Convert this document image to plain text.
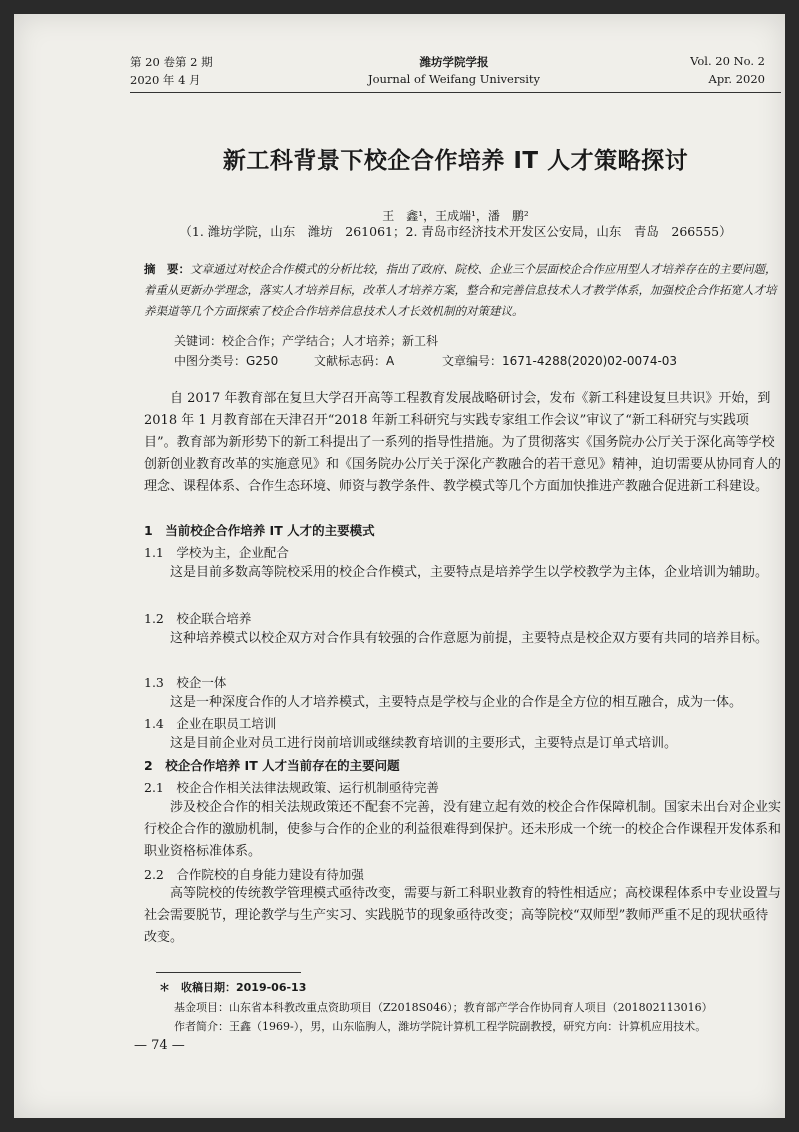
第 20 卷第 2 期
2020 年 4 月
潍坊学院学报
Journal of Weifang University
Vol. 20 No. 2
Apr. 2020
新工科背景下校企合作培养 IT 人才策略探讨
王　鑫¹，王成端¹，潘　鹏²
（1. 潍坊学院，山东　潍坊　261061；2. 青岛市经济技术开发区公安局，山东　青岛　266555）
摘　要：文章通过对校企合作模式的分析比较，指出了政府、院校、企业三个层面校企合作应用型人才培养存在的主要问题，着重从更新办学理念，落实人才培养目标，改革人才培养方案，整合和完善信息技术人才教学体系，加强校企合作拓宽人才培养渠道等几个方面探索了校企合作培养信息技术人才长效机制的对策建议。
关键词：校企合作；产学结合；人才培养；新工科
中图分类号：G250	文献标志码：A	文章编号：1671-4288(2020)02-0074-03
自 2017 年教育部在复旦大学召开高等工程教育发展战略研讨会，发布《新工科建设复旦共识》开始，到 2018 年 1 月教育部在天津召开“2018 年新工科研究与实践专家组工作会议”审议了“新工科研究与实践项目”。教育部为新形势下的新工科提出了一系列的指导性措施。为了贯彻落实《国务院办公厅关于深化高等学校创新创业教育改革的实施意见》和《国务院办公厅关于深化产教融合的若干意见》精神，迫切需要从协同育人的理念、课程体系、合作生态环境、师资与教学条件、教学模式等几个方面加快推进产教融合促进新工科建设。
1　当前校企合作培养 IT 人才的主要模式
1.1　学校为主，企业配合
这是目前多数高等院校采用的校企合作模式，主要特点是培养学生以学校教学为主体，企业培训为辅助。
1.2　校企联合培养
这种培养模式以校企双方对合作具有较强的合作意愿为前提，主要特点是校企双方要有共同的培养目标。
1.3　校企一体
这是一种深度合作的人才培养模式，主要特点是学校与企业的合作是全方位的相互融合，成为一体。
1.4　企业在职员工培训
这是目前企业对员工进行岗前培训或继续教育培训的主要形式，主要特点是订单式培训。
2　校企合作培养 IT 人才当前存在的主要问题
2.1　校企合作相关法律法规政策、运行机制亟待完善
涉及校企合作的相关法规政策还不配套不完善，没有建立起有效的校企合作保障机制。国家未出台对企业实行校企合作的激励机制，使参与合作的企业的利益很难得到保护。还未形成一个统一的校企合作课程开发体系和职业资格标准体系。
2.2　合作院校的自身能力建设有待加强
高等院校的传统教学管理模式亟待改变，需要与新工科职业教育的特性相适应；高校课程体系中专业设置与社会需要脱节，理论教学与生产实习、实践脱节的现象亟待改变；高等院校“双师型”教师严重不足的现状亟待改变。
＊　收稿日期：2019-06-13
基金项目：山东省本科教改重点资助项目（Z2018S046）；教育部产学合作协同育人项目（201802113016）
作者简介：王鑫（1969-），男，山东临朐人，潍坊学院计算机工程学院副教授，研究方向：计算机应用技术。
— 74 —
